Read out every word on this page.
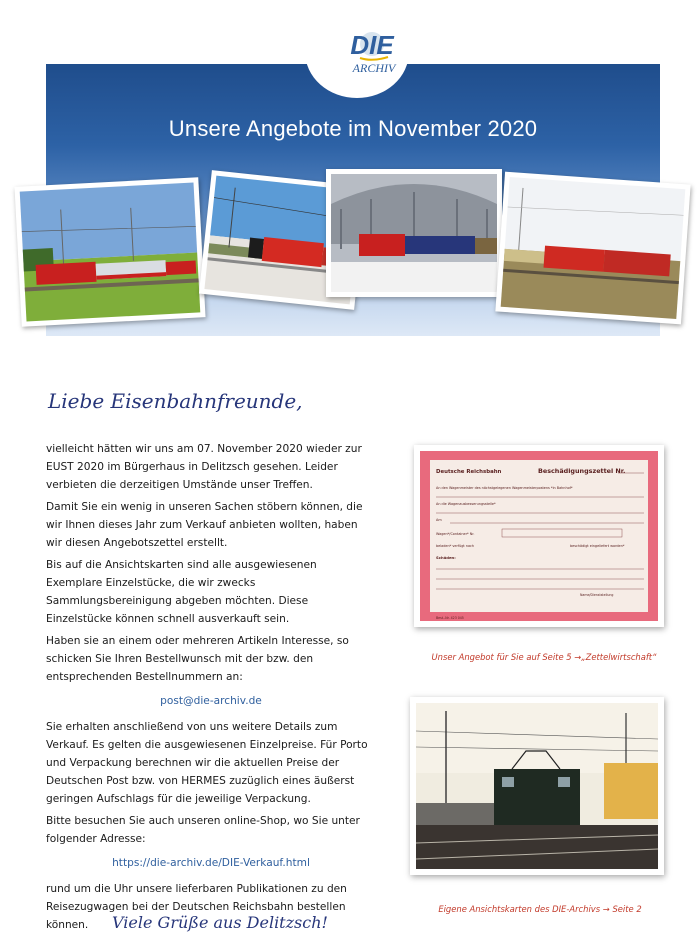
Unsere Angebote im November 2020
DIE
ARCHIV
Liebe Eisenbahnfreunde,

vielleicht hätten wir uns am 07. November 2020 wieder zur EUST 2020 im Bürgerhaus in Delitzsch gesehen. Leider verbieten die derzeitigen Umstände unser Treffen.

Damit Sie ein wenig in unseren Sachen stöbern können, die wir Ihnen dieses Jahr zum Verkauf anbieten wollten, haben wir diesen Angebotszettel erstellt.

Bis auf die Ansichtskarten sind alle ausgewiesenen Exemplare Einzelstücke, die wir zwecks Sammlungsbereinigung abgeben möchten. Diese Einzelstücke können schnell ausverkauft sein.

Haben sie an einem oder mehreren Artikeln Interesse, so schicken Sie Ihren Bestellwunsch mit der bzw. den entsprechenden Bestellnummern an:

post@die-archiv.de

Sie erhalten anschließend von uns weitere Details zum Verkauf. Es gelten die ausgewiesenen Einzelpreise. Für Porto und Verpackung berechnen wir die aktuellen Preise der Deutschen Post bzw. von HERMES zuzüglich eines äußerst geringen Aufschlags für die jeweilige Verpackung.

Bitte besuchen Sie auch unseren online-Shop, wo Sie unter folgender Adresse:

https://die-archiv.de/DIE-Verkauf.html

rund um die Uhr unsere lieferbaren Publikationen zu den Reisezugwagen bei der Deutschen Reichsbahn bestellen können.	Viele Grüße aus Delitzsch!
Deutsche Reichsbahn	Beschädigungszettel Nr.
An den Wagenmeister des nächstgelegenen Wagenmeisterpostens *in Bahnhof*
An die Wagenausbesserungsstelle*
Am
Wagen*/Container* Nr.
beladen* verfügt nach	beschädigt eingeliefert worden*
Schäden:
Name/Dienststellung
Best.-Nr. 423 045
Unser Angebot für Sie auf Seite 5 →„Zettelwirtschaft“
Eigene Ansichtskarten des DIE-Archivs → Seite 2
